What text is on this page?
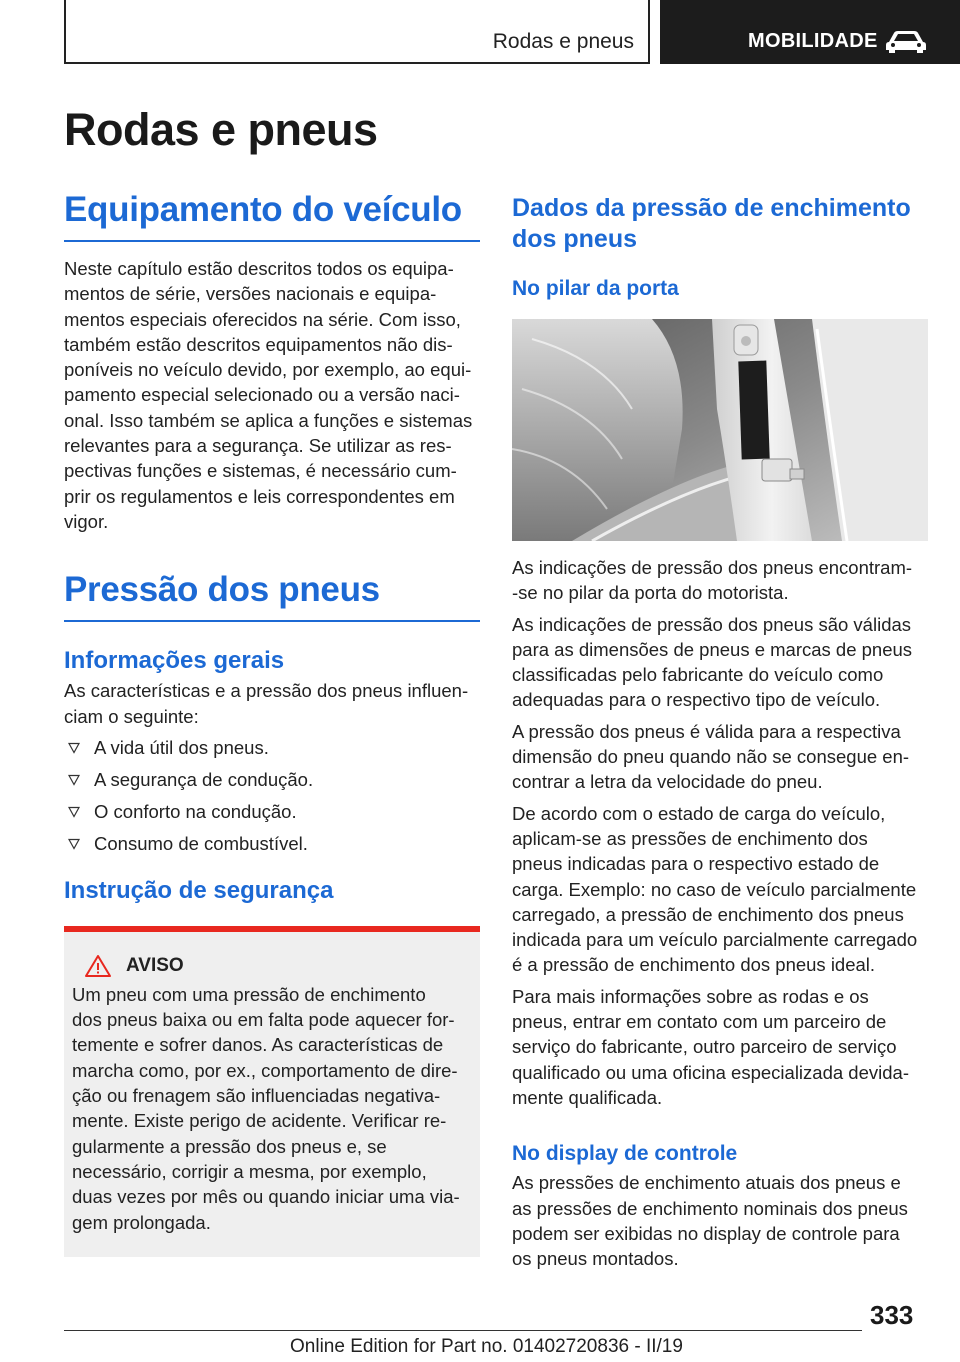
Rodas e pneus	MOBILIDADE
Rodas e pneus
Equipamento do veículo
Neste capítulo estão descritos todos os equipa-
mentos de série, versões nacionais e equipa-
mentos especiais oferecidos na série. Com isso,
também estão descritos equipamentos não dis-
poníveis no veículo devido, por exemplo, ao equi-
pamento especial selecionado ou a versão naci-
onal. Isso também se aplica a funções e sistemas
relevantes para a segurança. Se utilizar as res-
pectivas funções e sistemas, é necessário cum-
prir os regulamentos e leis correspondentes em
vigor.
Pressão dos pneus
Informações gerais
As características e a pressão dos pneus influen-
ciam o seguinte:
A vida útil dos pneus.
A segurança de condução.
O conforto na condução.
Consumo de combustível.
Instrução de segurança
AVISO
Um pneu com uma pressão de enchimento
dos pneus baixa ou em falta pode aquecer for-
temente e sofrer danos. As características de
marcha como, por ex., comportamento de dire-
ção ou frenagem são influenciadas negativa-
mente. Existe perigo de acidente. Verificar re-
gularmente a pressão dos pneus e, se
necessário, corrigir a mesma, por exemplo,
duas vezes por mês ou quando iniciar uma via-
gem prolongada.
Dados da pressão de enchimento
dos pneus
No pilar da porta
As indicações de pressão dos pneus encontram-
-se no pilar da porta do motorista.
As indicações de pressão dos pneus são válidas
para as dimensões de pneus e marcas de pneus
classificadas pelo fabricante do veículo como
adequadas para o respectivo tipo de veículo.
A pressão dos pneus é válida para a respectiva
dimensão do pneu quando não se consegue en-
contrar a letra da velocidade do pneu.
De acordo com o estado de carga do veículo,
aplicam-se as pressões de enchimento dos
pneus indicadas para o respectivo estado de
carga. Exemplo: no caso de veículo parcialmente
carregado, a pressão de enchimento dos pneus
indicada para um veículo parcialmente carregado
é a pressão de enchimento dos pneus ideal.
Para mais informações sobre as rodas e os
pneus, entrar em contato com um parceiro de
serviço do fabricante, outro parceiro de serviço
qualificado ou uma oficina especializada devida-
mente qualificada.
No display de controle
As pressões de enchimento atuais dos pneus e
as pressões de enchimento nominais dos pneus
podem ser exibidas no display de controle para
os pneus montados.
333
Online Edition for Part no. 01402720836 - II/19
